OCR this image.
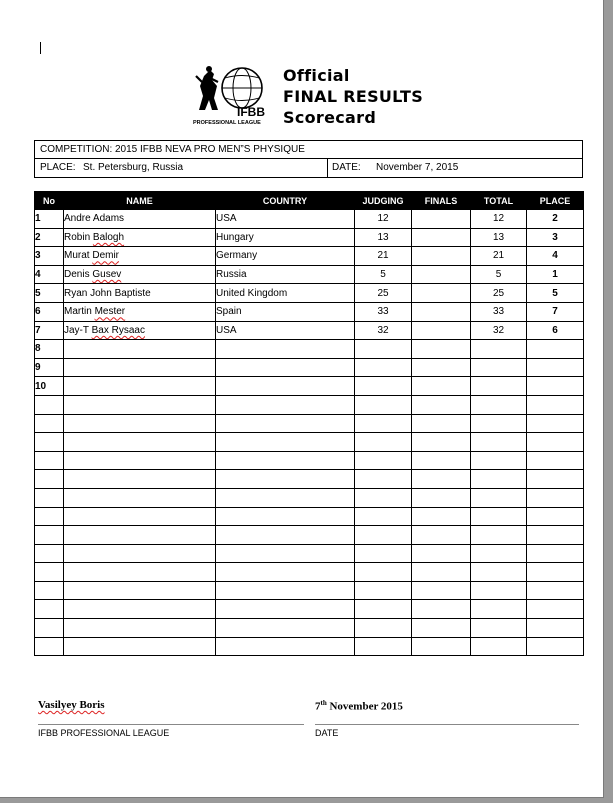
IFBB
PROFESSIONAL LEAGUE
Official
FINAL RESULTS
Scorecard
COMPETITION: 2015 IFBB NEVA PRO MEN”S PHYSIQUE
PLACE: St. Petersburg, Russia	DATE: November 7, 2015
No	NAME	COUNTRY	JUDGING	FINALS	TOTAL	PLACE
1	Andre Adams	USA	12		12	2
2	Robin Balogh	Hungary	13		13	3
3	Murat Demir	Germany	21		21	4
4	Denis Gusev	Russia	5		5	1
5	Ryan John Baptiste	United Kingdom	25		25	5
6	Martin Mester	Spain	33		33	7
7	Jay-T Bax Rysaac	USA	32		32	6
8						
9						
10						

Vasilyey Boris
IFBB PROFESSIONAL LEAGUE
7th November 2015
DATE
